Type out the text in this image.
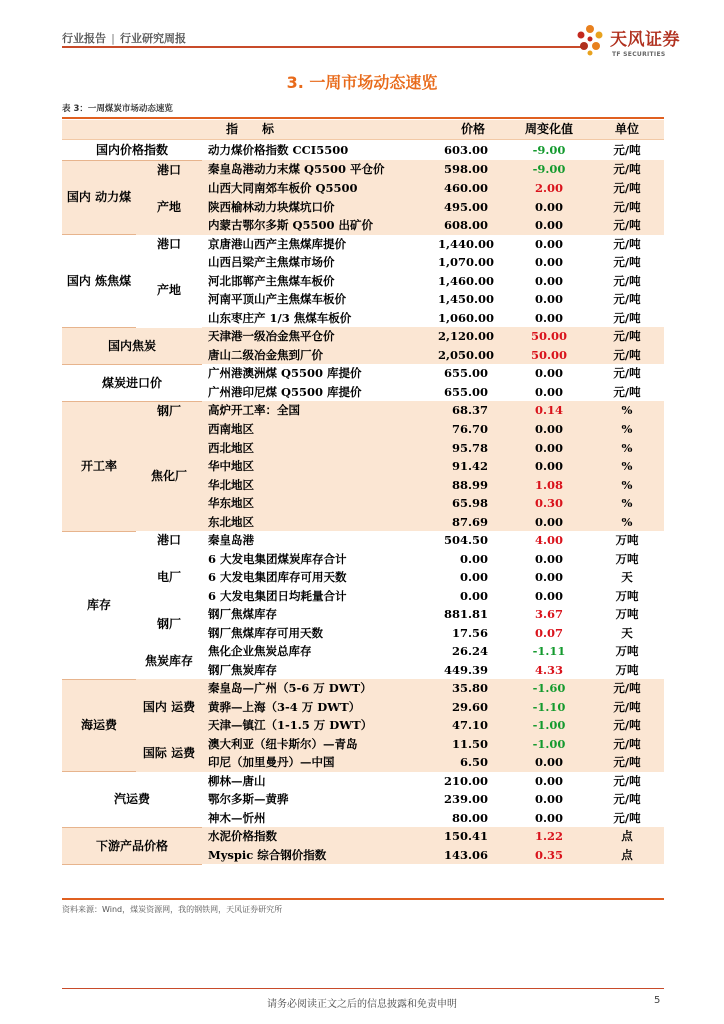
行业报告 | 行业研究周报	天风证券
TF SECURITIES
3. 一周市场动态速览
表 3：一周煤炭市场动态速览
指　　标			价格	周变化值	单位
国内价格指数		动力煤价格指数 CCI5500	603.00	-9.00	元/吨
国内 动力煤	港口	秦皇岛港动力末煤 Q5500 平仓价	598.00	-9.00	元/吨
	产地	山西大同南郊车板价 Q5500	460.00	2.00	元/吨
		陕西榆林动力块煤坑口价	495.00	0.00	元/吨
		内蒙古鄂尔多斯 Q5500 出矿价	608.00	0.00	元/吨
国内 炼焦煤	港口	京唐港山西产主焦煤库提价	1,440.00	0.00	元/吨
	产地	山西吕梁产主焦煤市场价	1,070.00	0.00	元/吨
		河北邯郸产主焦煤车板价	1,460.00	0.00	元/吨
		河南平顶山产主焦煤车板价	1,450.00	0.00	元/吨
		山东枣庄产 1/3 焦煤车板价	1,060.00	0.00	元/吨
国内焦炭		天津港一级冶金焦平仓价	2,120.00	50.00	元/吨
		唐山二级冶金焦到厂价	2,050.00	50.00	元/吨
煤炭进口价		广州港澳洲煤 Q5500 库提价	655.00	0.00	元/吨
		广州港印尼煤 Q5500 库提价	655.00	0.00	元/吨
开工率	钢厂	高炉开工率：全国	68.37	0.14	%
	焦化厂	西南地区	76.70	0.00	%
		西北地区	95.78	0.00	%
		华中地区	91.42	0.00	%
		华北地区	88.99	1.08	%
		华东地区	65.98	0.30	%
		东北地区	87.69	0.00	%
库存	港口	秦皇岛港	504.50	4.00	万吨
	电厂	6 大发电集团煤炭库存合计	0.00	0.00	万吨
		6 大发电集团库存可用天数	0.00	0.00	天
		6 大发电集团日均耗量合计	0.00	0.00	万吨
	钢厂	钢厂焦煤库存	881.81	3.67	万吨
		钢厂焦煤库存可用天数	17.56	0.07	天
	焦炭库存	焦化企业焦炭总库存	26.24	-1.11	万吨
		钢厂焦炭库存	449.39	4.33	万吨
海运费	国内 运费	秦皇岛—广州（5-6 万 DWT）	35.80	-1.60	元/吨
		黄骅—上海（3-4 万 DWT）	29.60	-1.10	元/吨
		天津—镇江（1-1.5 万 DWT）	47.10	-1.00	元/吨
	国际 运费	澳大利亚（纽卡斯尔）—青岛	11.50	-1.00	元/吨
		印尼（加里曼丹）—中国	6.50	0.00	元/吨
汽运费		柳林—唐山	210.00	0.00	元/吨
		鄂尔多斯—黄骅	239.00	0.00	元/吨
		神木—忻州	80.00	0.00	元/吨
下游产品价格		水泥价格指数	150.41	1.22	点
		Myspic 综合钢价指数	143.06	0.35	点
资料来源：Wind，煤炭资源网，我的钢铁网，天风证券研究所
请务必阅读正文之后的信息披露和免责申明	5
